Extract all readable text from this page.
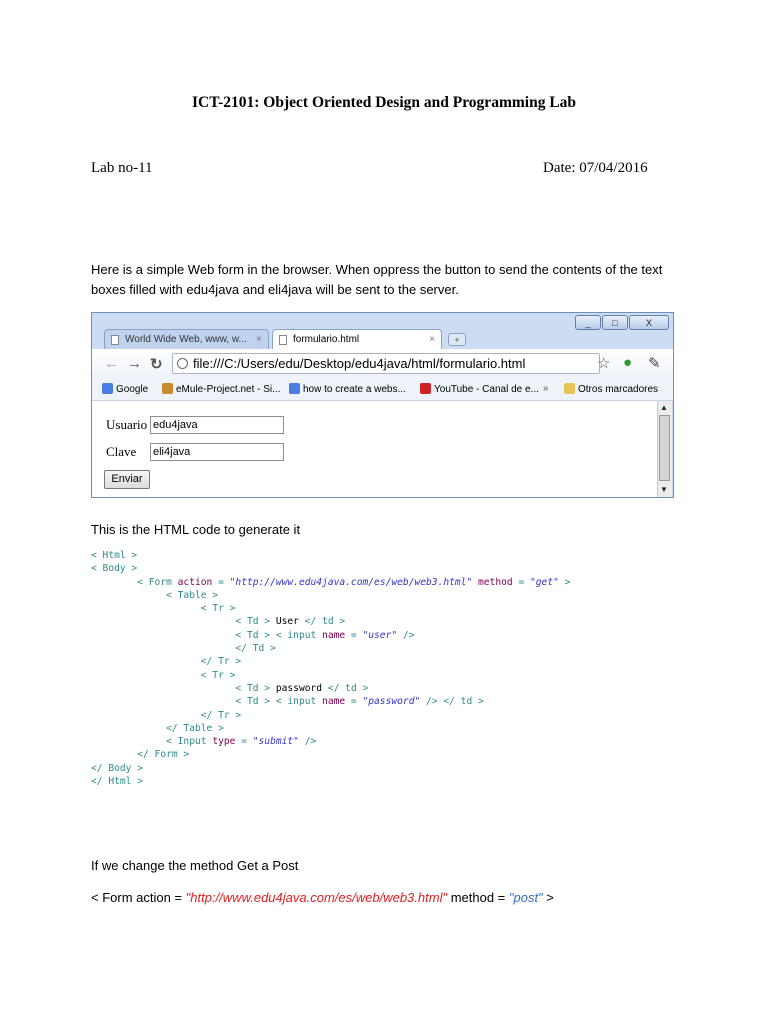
ICT-2101: Object Oriented Design and Programming Lab
Lab no-11	Date: 07/04/2016
Here is a simple Web form in the browser. When oppress the button to send the contents of the text boxes filled with edu4java and eli4java will be sent to the server.
_	□	X
World Wide Web, www, w... ×	formulario.html	×	+
← → ↻	file:///C:/Users/edu/Desktop/edu4java/html/formulario.html	☆ ● ✎
Google	eMule-Project.net - Si...	how to create a webs...	YouTube - Canal de e... »	Otros marcadores
Usuario edu4java
Clave eli4java
Enviar
▲
▼
This is the HTML code to generate it
< Html >
< Body >
< Form action = "http://www.edu4java.com/es/web/web3.html" method = "get" >
< Table >
< Tr >
< Td > User </ td >
< Td > < input name = "user" />
</ Td >
</ Tr >
< Tr >
< Td > password </ td >
< Td > < input name = "password" /> </ td >
</ Tr >
</ Table >
< Input type = "submit" />
</ Form >
</ Body >
</ Html >
If we change the method Get a Post
< Form action = "http://www.edu4java.com/es/web/web3.html" method = "post" >
